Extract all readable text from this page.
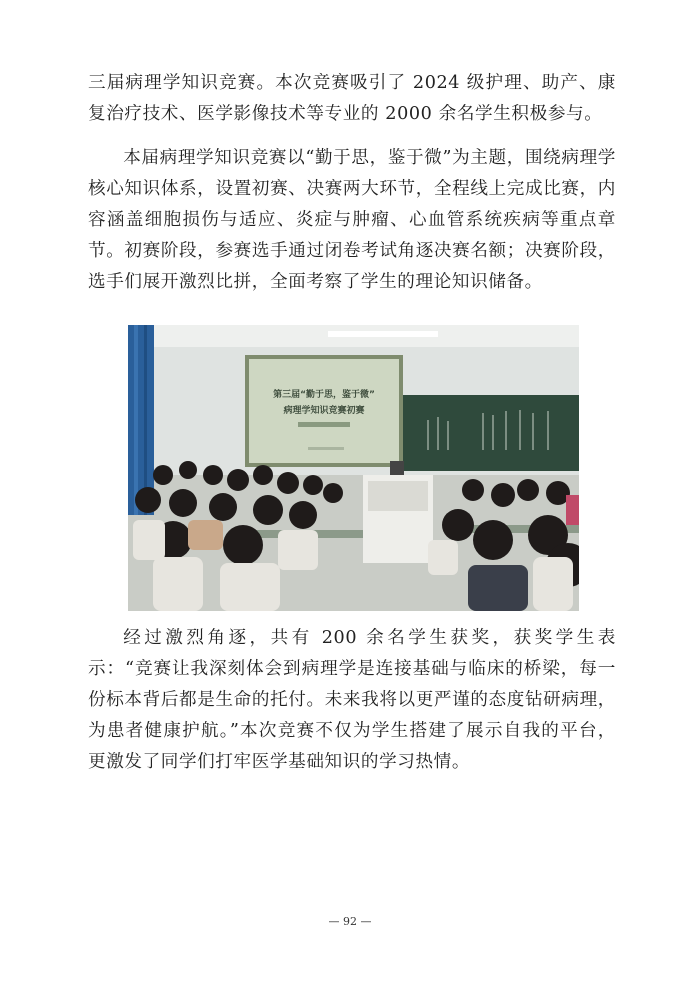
三届病理学知识竞赛。本次竞赛吸引了 2024 级护理、助产、康复治疗技术、医学影像技术等专业的 2000 余名学生积极参与。

本届病理学知识竞赛以“勤于思，鉴于微”为主题，围绕病理学核心知识体系，设置初赛、决赛两大环节，全程线上完成比赛，内容涵盖细胞损伤与适应、炎症与肿瘤、心血管系统疾病等重点章节。初赛阶段，参赛选手通过闭卷考试角逐决赛名额；决赛阶段，选手们展开激烈比拼，全面考察了学生的理论知识储备。

第三届“勤于思，鉴于微”
病理学知识竞赛初赛

经过激烈角逐，共有 200 余名学生获奖，获奖学生表示：“竞赛让我深刻体会到病理学是连接基础与临床的桥梁，每一份标本背后都是生命的托付。未来我将以更严谨的态度钻研病理，为患者健康护航。”本次竞赛不仅为学生搭建了展示自我的平台，更激发了同学们打牢医学基础知识的学习热情。

— 92 —
